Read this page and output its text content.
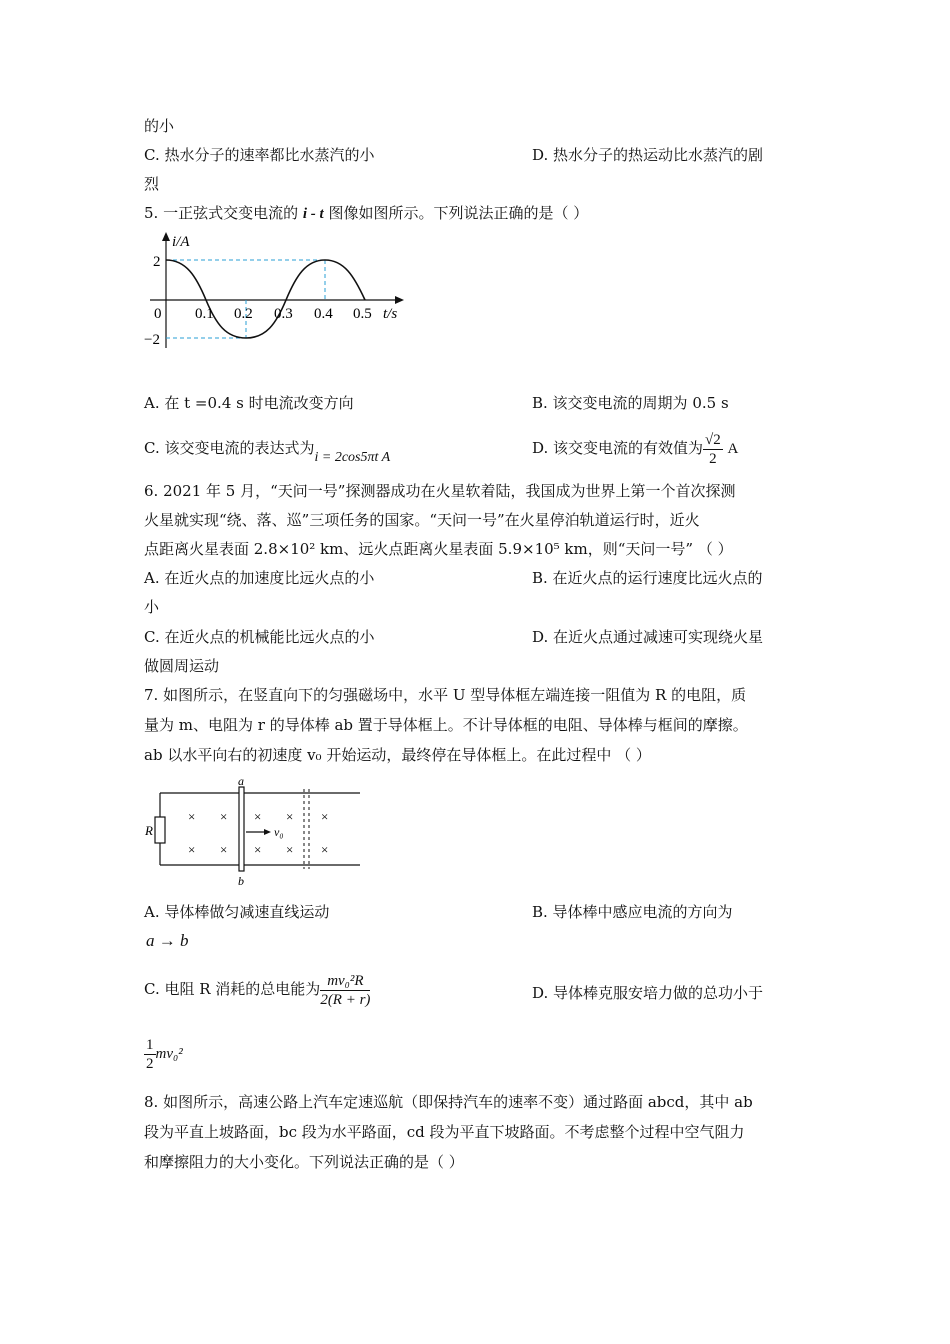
的小
C. 热水分子的速率都比水蒸汽的小	D. 热水分子的热运动比水蒸汽的剧
烈
5. 一正弦式交变电流的 i - t 图像如图所示。下列说法正确的是（ ）
i/A
2
−2
0 0.1 0.2 0.3 0.4 0.5 t/s
A. 在 t =0.4 s 时电流改变方向	B. 该交变电流的周期为 0.5 s
C. 该交变电流的表达式为i = 2cos5πt A
D. 该交变电流的有效值为 $\frac{√2}{2}$ A
6. 2021 年 5 月，“天问一号”探测器成功在火星软着陆，我国成为世界上第一个首次探测
火星就实现“绕、落、巡”三项任务的国家。“天问一号”在火星停泊轨道运行时，近火
点距离火星表面 2.8×10² km、远火点距离火星表面 5.9×10⁵ km，则“天问一号” （ ）
A. 在近火点的加速度比远火点的小	B. 在近火点的运行速度比远火点的
小
C. 在近火点的机械能比远火点的小	D. 在近火点通过减速可实现绕火星
做圆周运动
7. 如图所示，在竖直向下的匀强磁场中，水平 U 型导体框左端连接一阻值为 R 的电阻，质
量为 m、电阻为 r 的导体棒 ab 置于导体框上。不计导体框的电阻、导体棒与框间的摩擦。
ab 以水平向右的初速度 v₀ 开始运动，最终停在导体框上。在此过程中 （ ）
R
a
b
v₀
× × × × ×
× × × × ×
A. 导体棒做匀减速直线运动	B. 导体棒中感应电流的方向为
a → b
C. 电阻 R 消耗的总电能为 $\frac{\text{mv₀²R}}{2(R + r)}$	D. 导体棒克服安培力做的总功小于
$\frac{1}{2} mv_0^2$
8. 如图所示，高速公路上汽车定速巡航（即保持汽车的速率不变）通过路面 abcd，其中 ab
段为平直上坡路面，bc 段为水平路面，cd 段为平直下坡路面。不考虑整个过程中空气阻力
和摩擦阻力的大小变化。下列说法正确的是（ ）
